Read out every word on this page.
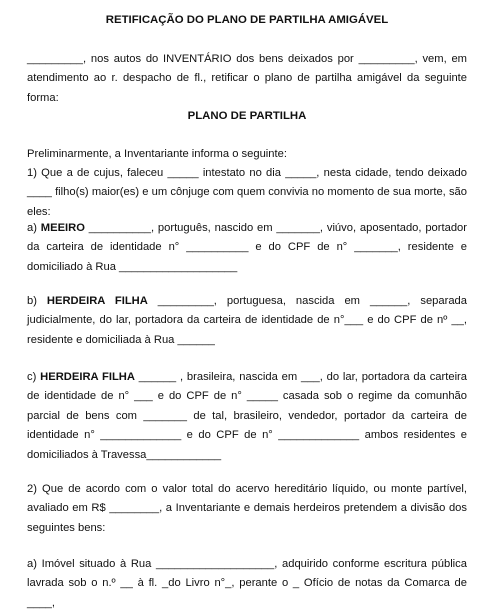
RETIFICAÇÃO DO PLANO DE PARTILHA AMIGÁVEL
_________, nos autos do INVENTÁRIO dos bens deixados por _________, vem, em atendimento ao r. despacho de fl., retificar o plano de partilha amigável da seguinte forma:
PLANO DE PARTILHA
Preliminarmente, a Inventariante informa o seguinte:
1) Que a de cujus, faleceu _____ intestato no dia _____, nesta cidade, tendo deixado ____ filho(s) maior(es) e um cônjuge com quem convivia no momento de sua morte, são eles:
a) MEEIRO __________, português, nascido em _______, viúvo, aposentado, portador da carteira de identidade n° __________ e do CPF de n° _______, residente e domiciliado à Rua ___________________
b) HERDEIRA FILHA _________, portuguesa, nascida em ______, separada judicialmente, do lar, portadora da carteira de identidade de n°___ e do CPF de nº __, residente e domiciliada à Rua ______
c) HERDEIRA FILHA ______ , brasileira, nascida em ___, do lar, portadora da carteira de identidade de n° ___ e do CPF de n° _____ casada sob o regime da comunhão parcial de bens com _______ de tal, brasileiro, vendedor, portador da carteira de identidade n° _____________ e do CPF de n° _____________ ambos residentes e domiciliados à Travessa____________
2) Que de acordo com o valor total do acervo hereditário líquido, ou monte partível, avaliado em R$ ________, a Inventariante e demais herdeiros pretendem a divisão dos seguintes bens:
a) Imóvel situado à Rua ___________________, adquirido conforme escritura pública lavrada sob o n.º __ à fl. _do Livro n°_, perante o _ Ofício de notas da Comarca de ____,
